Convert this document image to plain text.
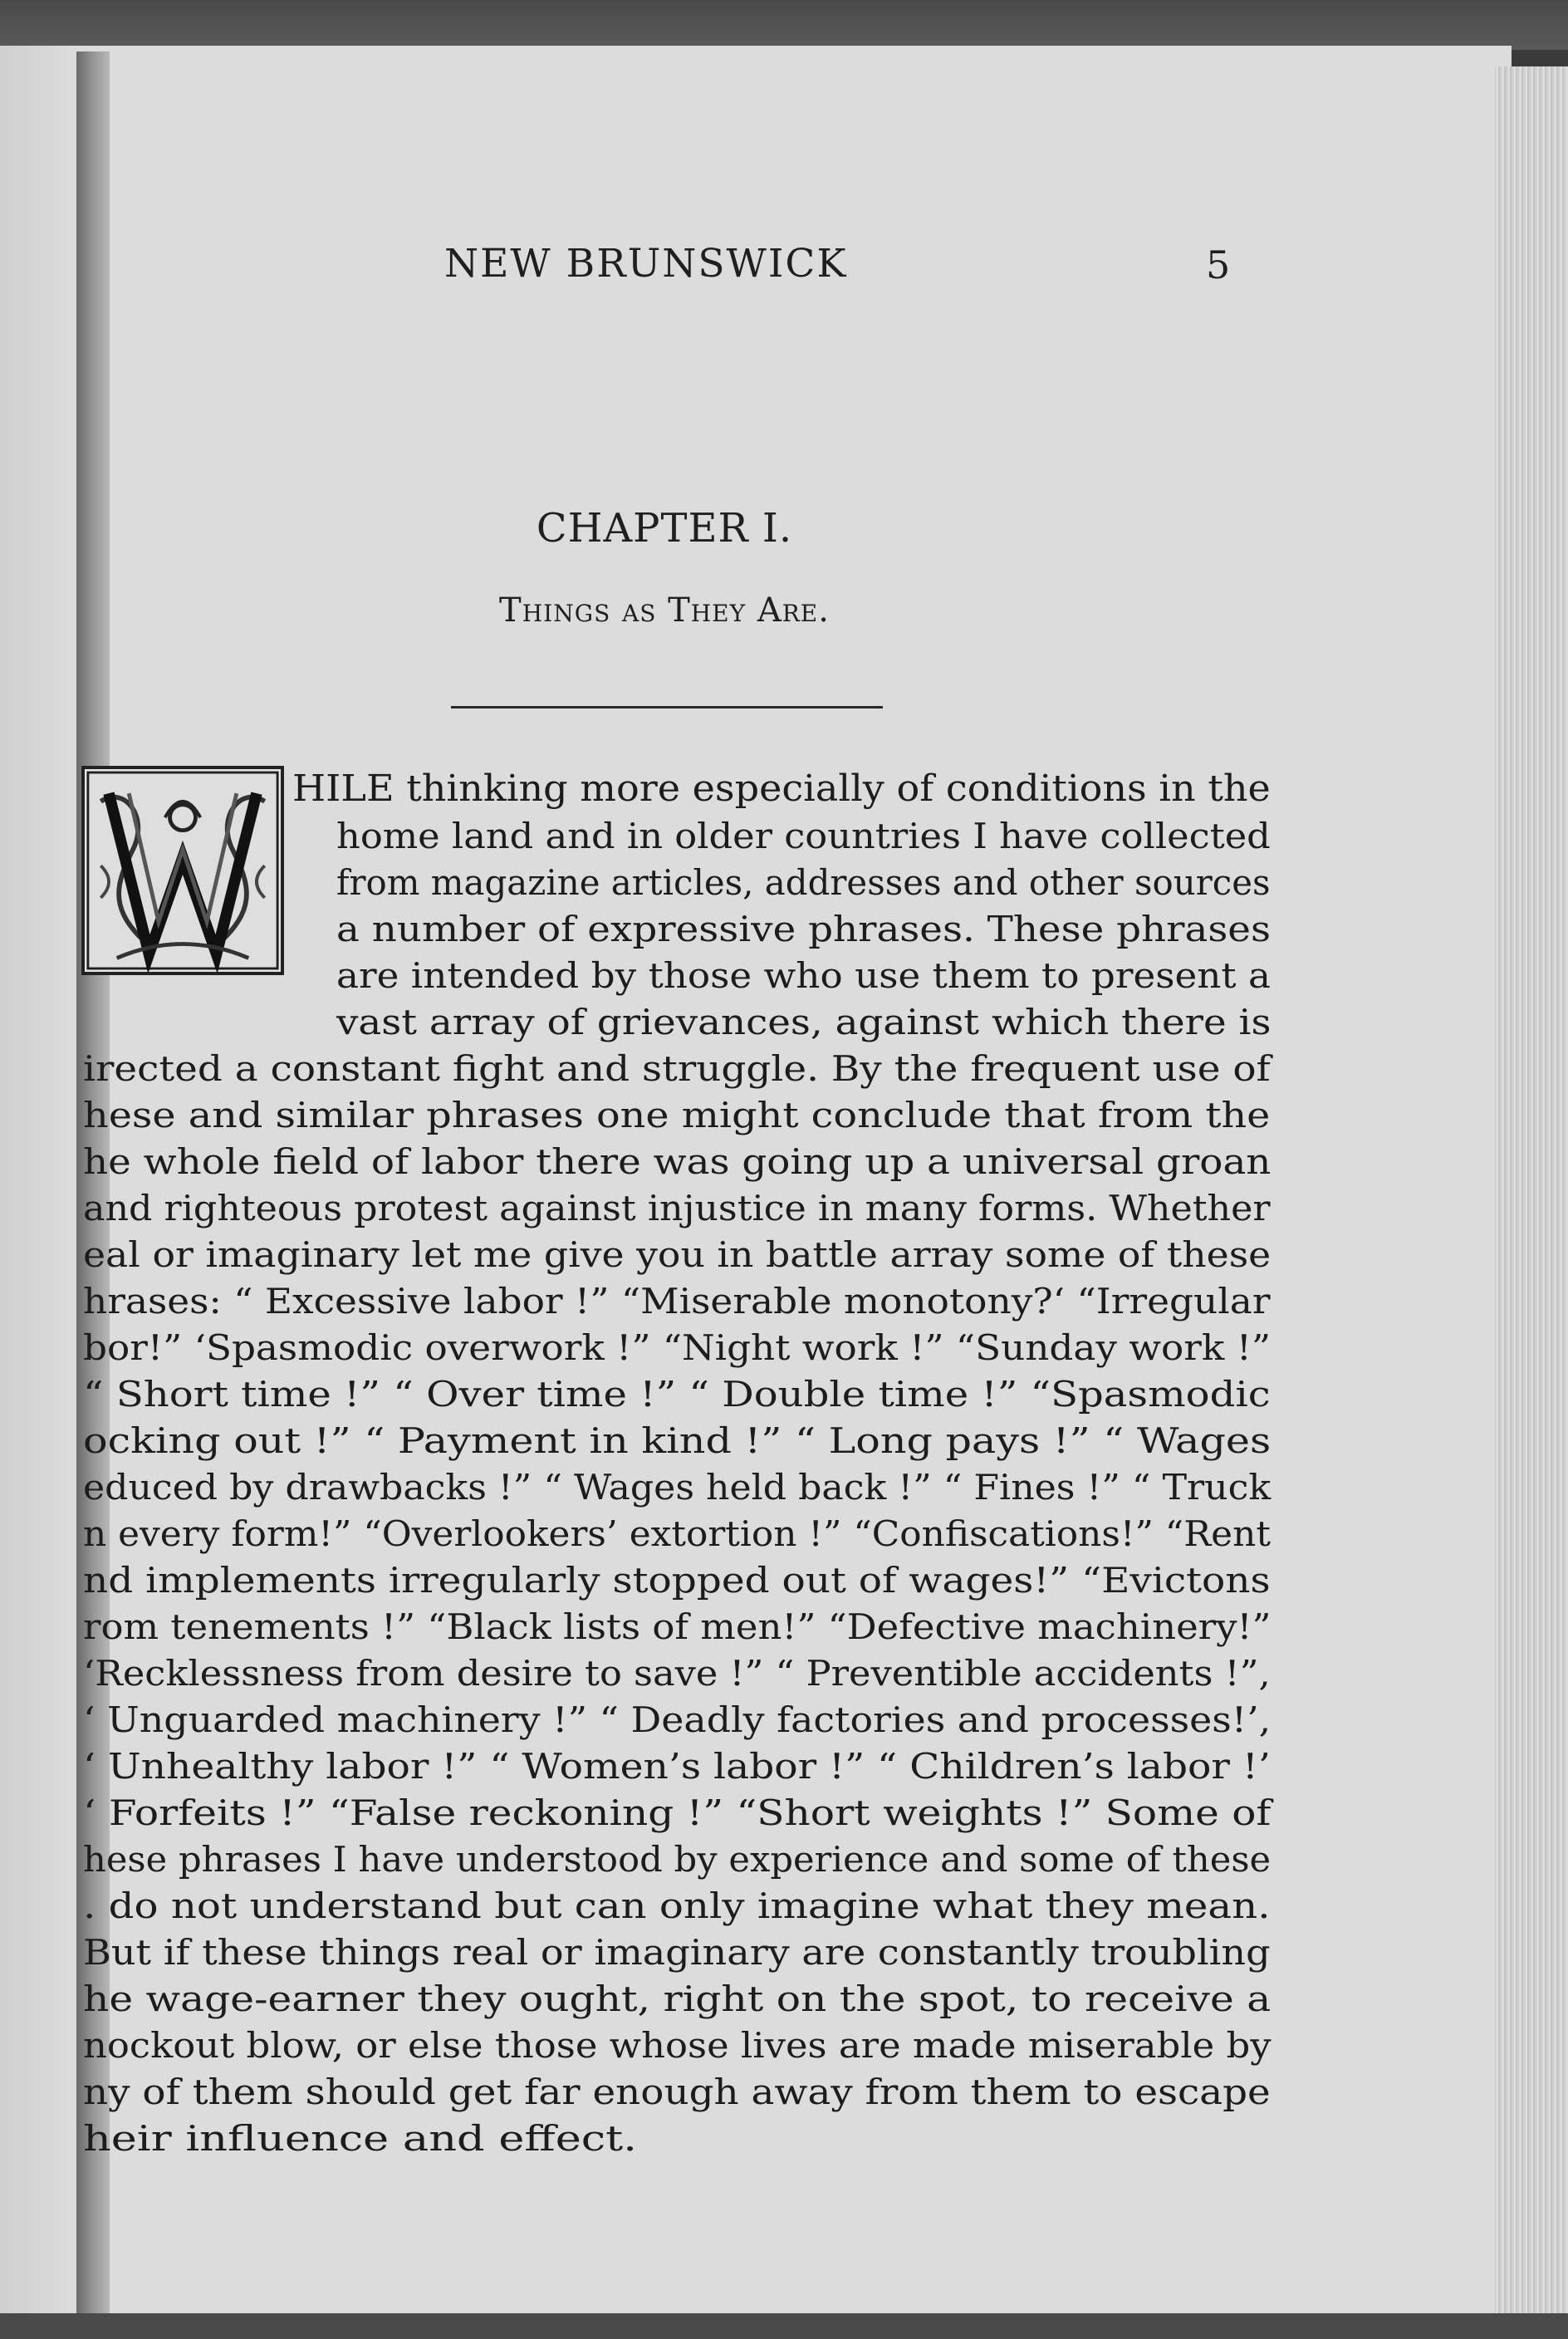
NEW BRUNSWICK	5
CHAPTER I.
Things as They Are.
HILE thinking more especially of conditions in the
home land and in older countries I have collected
from magazine articles, addresses and other sources
a number of expressive phrases. These phrases
are intended by those who use them to present a
vast array of grievances, against which there is
irected a constant fight and struggle. By the frequent use of
hese and similar phrases one might conclude that from the
he whole field of labor there was going up a universal groan
and righteous protest against injustice in many forms. Whether
eal or imaginary let me give you in battle array some of these
hrases: “ Excessive labor !” “Miserable monotony?‘ “Irregular
bor!” ‘Spasmodic overwork !” “Night work !” “Sunday work !”
“ Short time !” “ Over time !” “ Double time !” “Spasmodic
ocking out !” “ Payment in kind !” “ Long pays !” “ Wages
educed by drawbacks !” “ Wages held back !” “ Fines !” “ Truck
n every form!” “Overlookers’ extortion !” “Confiscations!” “Rent
nd implements irregularly stopped out of wages!” “Evictons
rom tenements !” “Black lists of men!” “Defective machinery!”
‘Recklessness from desire to save !” “ Preventible accidents !”,
‘ Unguarded machinery !” “ Deadly factories and processes!’,
‘ Unhealthy labor !” “ Women’s labor !” “ Children’s labor !’
‘ Forfeits !” “False reckoning !” “Short weights !” Some of
hese phrases I have understood by experience and some of these
. do not understand but can only imagine what they mean.
But if these things real or imaginary are constantly troubling
he wage-earner they ought, right on the spot, to receive a
nockout blow, or else those whose lives are made miserable by
ny of them should get far enough away from them to escape
heir influence and effect.
